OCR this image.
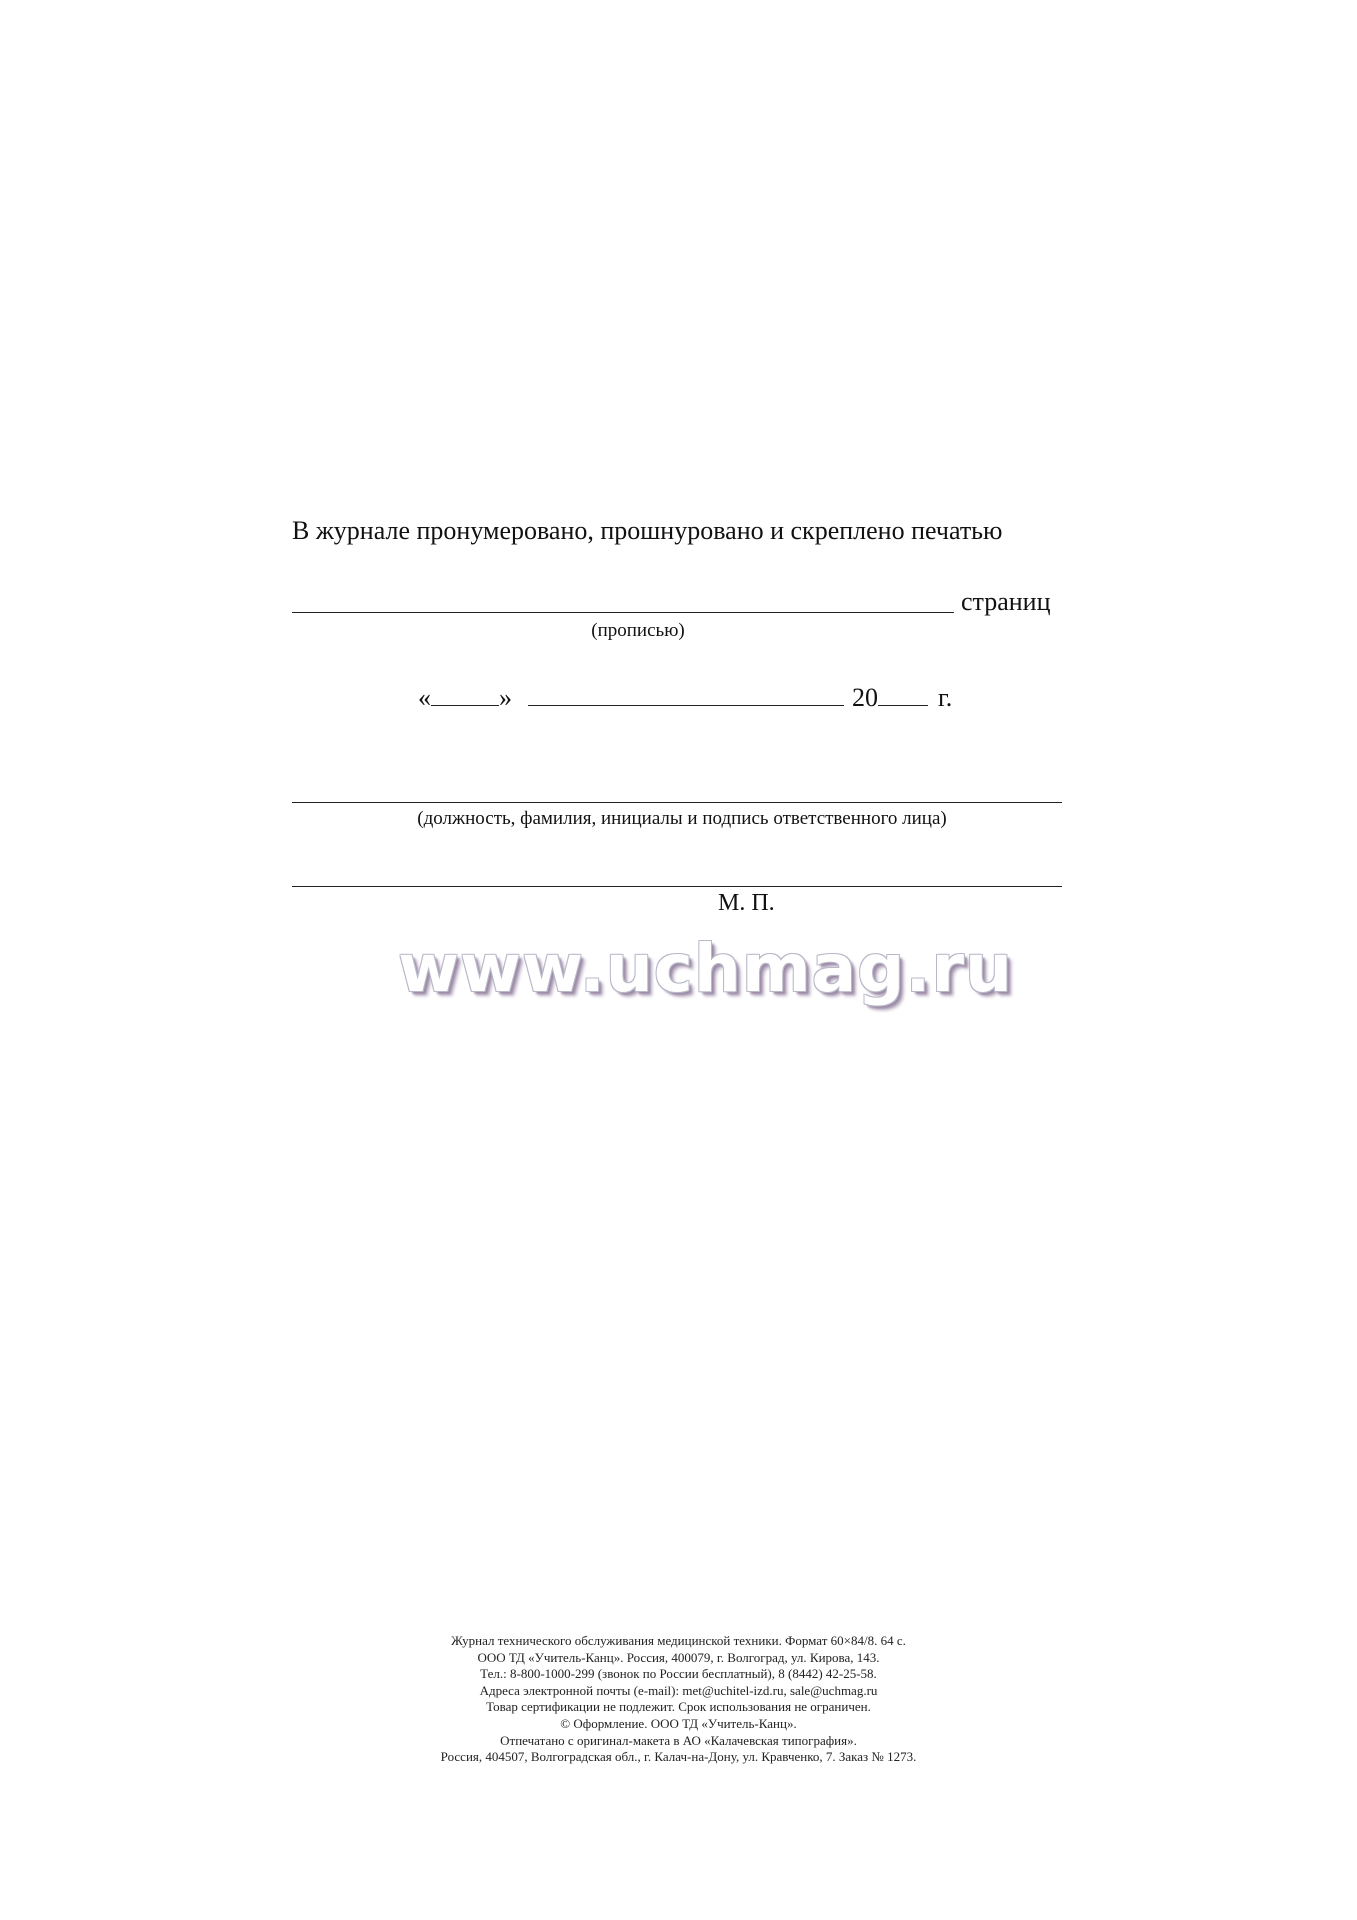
В журнале пронумеровано, прошнуровано и скреплено печатью
страниц
(прописью)
«	»	20 г.
(должность, фамилия, инициалы и подпись ответственного лица)
М. П.
www.uchmag.ru
Журнал технического обслуживания медицинской техники. Формат 60×84/8. 64 с.
ООО ТД «Учитель-Канц». Россия, 400079, г. Волгоград, ул. Кирова, 143.
Тел.: 8-800-1000-299 (звонок по России бесплатный), 8 (8442) 42-25-58.
Адреса электронной почты (e-mail): met@uchitel-izd.ru, sale@uchmag.ru
Товар сертификации не подлежит. Срок использования не ограничен.
© Оформление. ООО ТД «Учитель-Канц».
Отпечатано с оригинал-макета в АО «Калачевская типография».
Россия, 404507, Волгоградская обл., г. Калач-на-Дону, ул. Кравченко, 7. Заказ № 1273.
